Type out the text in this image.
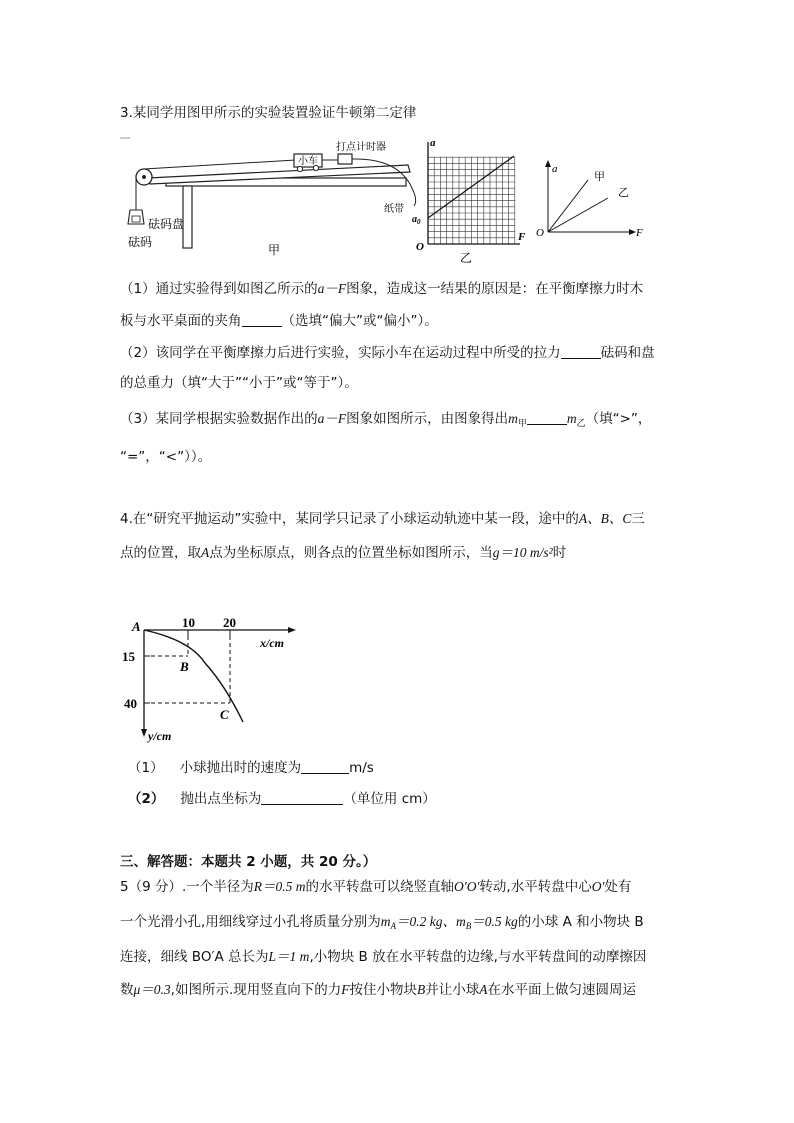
3.某同学用图甲所示的实验装置验证牛顿第二定律
小车
打点计时器
纸带
砝码盘
砝码
甲
a
F
O
$a_0$
乙
a
F
O
甲
乙
（1）通过实验得到如图乙所示的a－F图象，造成这一结果的原因是：在平衡摩擦力时木
板与水平桌面的夹角	（选填“偏大”或“偏小”）。
（2）该同学在平衡摩擦力后进行实验，实际小车在运动过程中所受的拉力	砝码和盘
的总重力（填“大于”“小于”或“等于”）。
（3）某同学根据实验数据作出的a－F图象如图所示，由图象得出$m_甲$	$m_乙$（填“>”，
“=”，“<”））。
4.在“研究平抛运动”实验中，某同学只记录了小球运动轨迹中某一段，途中的A、B、C三
点的位置，取A点为坐标原点，则各点的位置坐标如图所示，当g＝10 m/s²时
A
B
C
10 20
15
40
x/cm
y/cm
（1） 小球抛出时的速度为	m/s
（2） 抛出点坐标为	（单位用 cm）
三、解答题：本题共 2 小题，共 20 分。）
5（9 分）.一个半径为R＝0.5 m的水平转盘可以绕竖直轴O′O′转动,水平转盘中心O′处有
一个光滑小孔,用细线穿过小孔将质量分别为$m_A=0.2$ kg、$m_B=0.5$ kg的小球 A 和小物块 B
连接，细线 BO′A 总长为L＝1 m,小物块 B 放在水平转盘的边缘,与水平转盘间的动摩擦因
数μ＝0.3,如图所示.现用竖直向下的力F按住小物块B并让小球A在水平面上做匀速圆周运
